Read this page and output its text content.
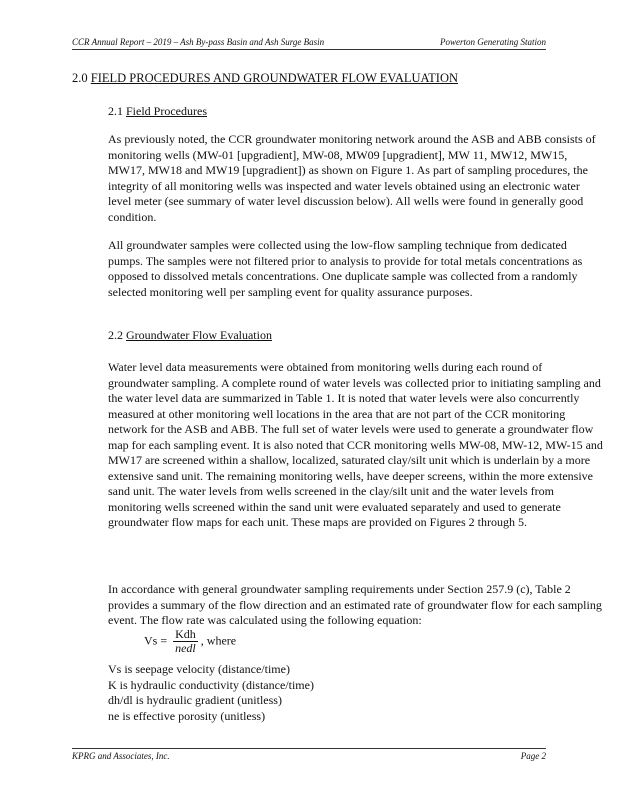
CCR Annual Report – 2019 – Ash By-pass Basin and Ash Surge Basin	Powerton Generating Station
2.0 FIELD PROCEDURES AND GROUNDWATER FLOW EVALUATION
2.1 Field Procedures

As previously noted, the CCR groundwater monitoring network around the ASB and ABB consists of monitoring wells (MW-01 [upgradient], MW-08, MW09 [upgradient], MW 11, MW12, MW15, MW17, MW18 and MW19 [upgradient]) as shown on Figure 1. As part of sampling procedures, the integrity of all monitoring wells was inspected and water levels obtained using an electronic water level meter (see summary of water level discussion below). All wells were found in generally good condition.

All groundwater samples were collected using the low-flow sampling technique from dedicated pumps. The samples were not filtered prior to analysis to provide for total metals concentrations as opposed to dissolved metals concentrations. One duplicate sample was collected from a randomly selected monitoring well per sampling event for quality assurance purposes.

2.2 Groundwater Flow Evaluation

Water level data measurements were obtained from monitoring wells during each round of groundwater sampling. A complete round of water levels was collected prior to initiating sampling and the water level data are summarized in Table 1. It is noted that water levels were also concurrently measured at other monitoring well locations in the area that are not part of the CCR monitoring network for the ASB and ABB. The full set of water levels were used to generate a groundwater flow map for each sampling event. It is also noted that CCR monitoring wells MW-08, MW-12, MW-15 and MW17 are screened within a shallow, localized, saturated clay/silt unit which is underlain by a more extensive sand unit. The remaining monitoring wells, have deeper screens, within the more extensive sand unit. The water levels from wells screened in the clay/silt unit and the water levels from monitoring wells screened within the sand unit were evaluated separately and used to generate groundwater flow maps for each unit. These maps are provided on Figures 2 through 5.

In accordance with general groundwater sampling requirements under Section 257.9 (c), Table 2 provides a summary of the flow direction and an estimated rate of groundwater flow for each sampling event. The flow rate was calculated using the following equation:

$Vs = \frac{\text{Kdh}}{\text{nedl}}$ , where
Vs is seepage velocity (distance/time)
K is hydraulic conductivity (distance/time)
dh/dl is hydraulic gradient (unitless)
ne is effective porosity (unitless)
KPRG and Associates, Inc.	Page 2
